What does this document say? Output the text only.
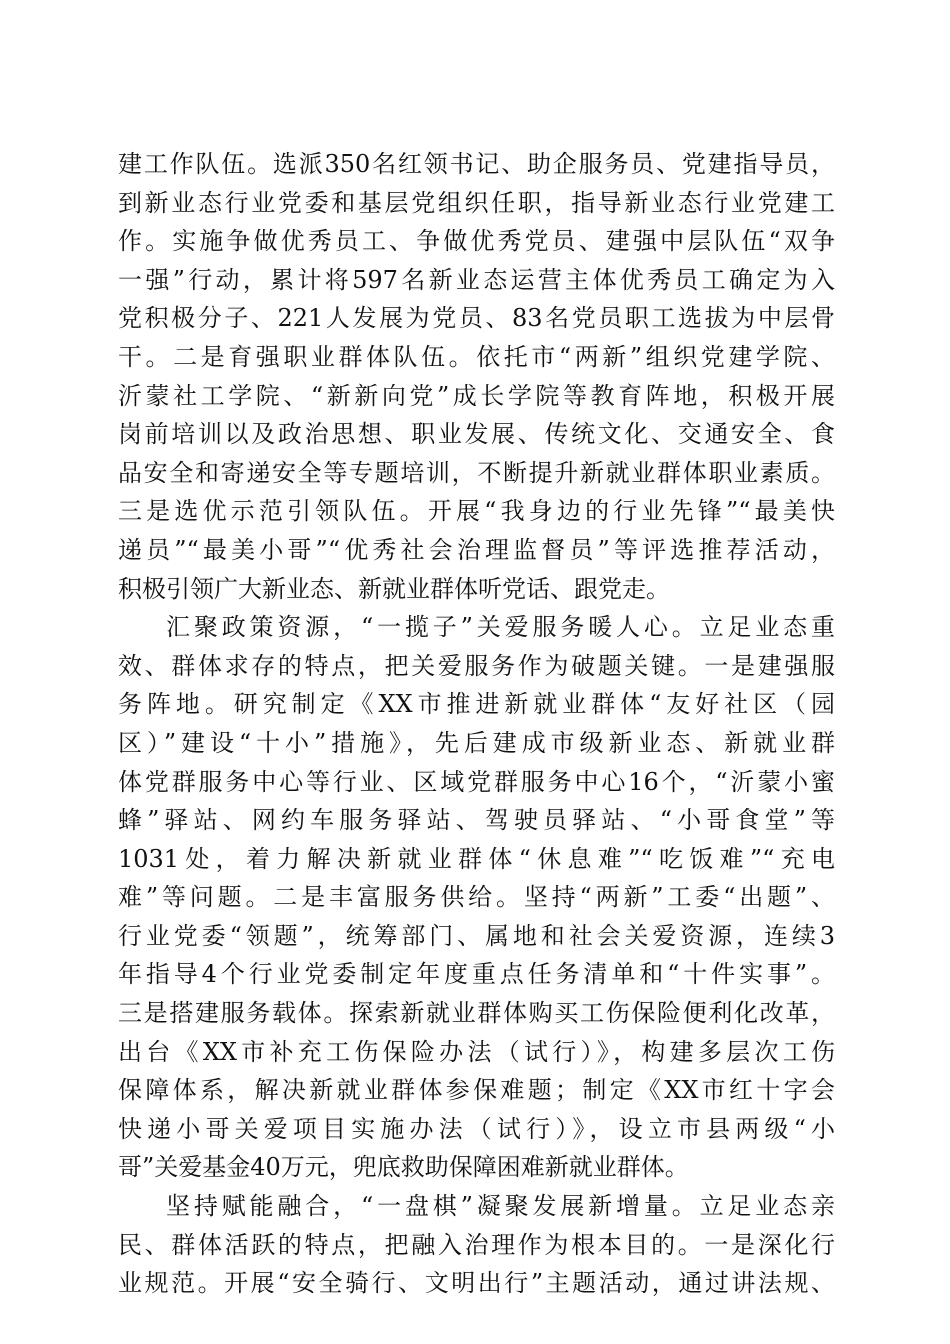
建工作队伍。选派350名红领书记、助企服务员、党建指导员，
到新业态行业党委和基层党组织任职，指导新业态行业党建工
作。实施争做优秀员工、争做优秀党员、建强中层队伍“双争
一强”行动，累计将597名新业态运营主体优秀员工确定为入
党积极分子、221人发展为党员、83名党员职工选拔为中层骨
干。二是育强职业群体队伍。依托市“两新”组织党建学院、
沂蒙社工学院、“新新向党”成长学院等教育阵地，积极开展
岗前培训以及政治思想、职业发展、传统文化、交通安全、食
品安全和寄递安全等专题培训，不断提升新就业群体职业素质。
三是选优示范引领队伍。开展“我身边的行业先锋”“最美快
递员”“最美小哥”“优秀社会治理监督员”等评选推荐活动，
积极引领广大新业态、新就业群体听党话、跟党走。
汇聚政策资源，“一揽子”关爱服务暖人心。立足业态重
效、群体求存的特点，把关爱服务作为破题关键。一是建强服
务阵地。研究制定《XX市推进新就业群体“友好社区（园
区）”建设“十小”措施》，先后建成市级新业态、新就业群
体党群服务中心等行业、区域党群服务中心16个，“沂蒙小蜜
蜂”驿站、网约车服务驿站、驾驶员驿站、“小哥食堂”等
1031处，着力解决新就业群体“休息难”“吃饭难”“充电
难”等问题。二是丰富服务供给。坚持“两新”工委“出题”、
行业党委“领题”，统筹部门、属地和社会关爱资源，连续3
年指导4个行业党委制定年度重点任务清单和“十件实事”。
三是搭建服务载体。探索新就业群体购买工伤保险便利化改革，
出台《XX市补充工伤保险办法（试行）》，构建多层次工伤
保障体系，解决新就业群体参保难题；制定《XX市红十字会
快递小哥关爱项目实施办法（试行）》，设立市县两级“小
哥”关爱基金40万元，兜底救助保障困难新就业群体。
坚持赋能融合，“一盘棋”凝聚发展新增量。立足业态亲
民、群体活跃的特点，把融入治理作为根本目的。一是深化行
业规范。开展“安全骑行、文明出行”主题活动，通过讲法规、
